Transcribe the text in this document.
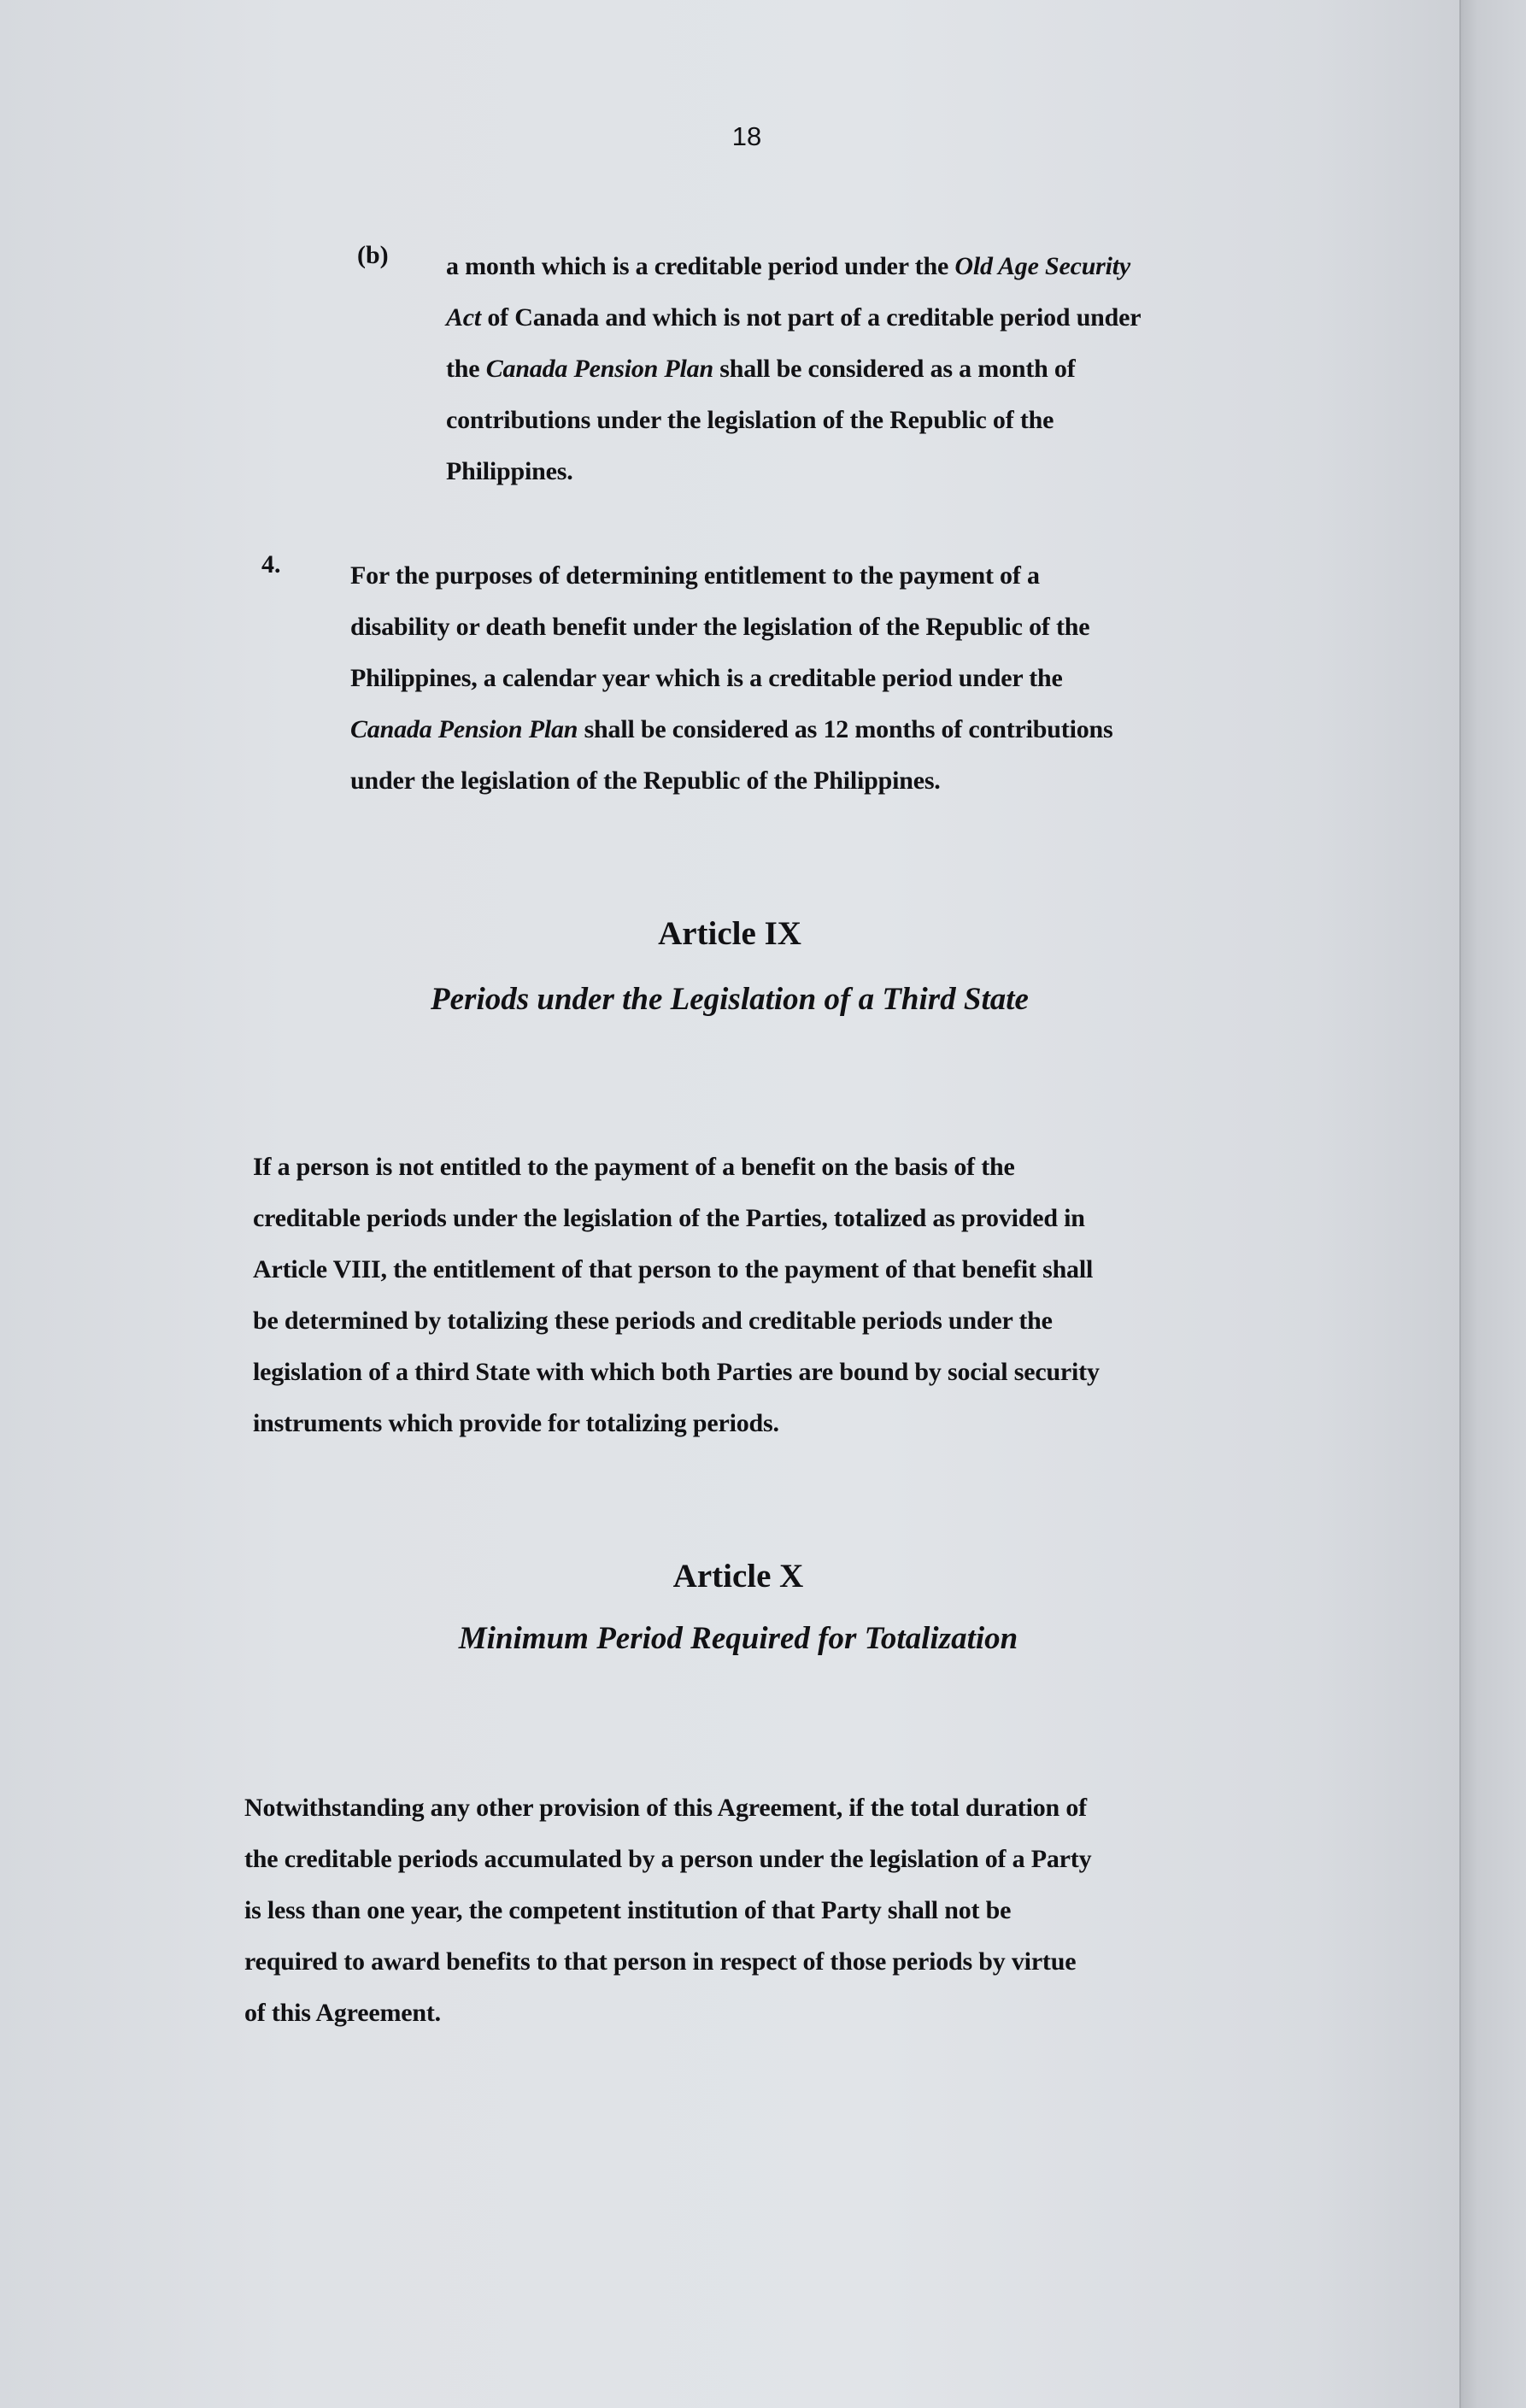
18
(b) a month which is a creditable period under the Old Age Security
Act of Canada and which is not part of a creditable period under
the Canada Pension Plan shall be considered as a month of
contributions under the legislation of the Republic of the
Philippines.
4.	For the purposes of determining entitlement to the payment of a
disability or death benefit under the legislation of the Republic of the
Philippines, a calendar year which is a creditable period under the
Canada Pension Plan shall be considered as 12 months of contributions
under the legislation of the Republic of the Philippines.
Article IX
Periods under the Legislation of a Third State
If a person is not entitled to the payment of a benefit on the basis of the
creditable periods under the legislation of the Parties, totalized as provided in
Article VIII, the entitlement of that person to the payment of that benefit shall
be determined by totalizing these periods and creditable periods under the
legislation of a third State with which both Parties are bound by social security
instruments which provide for totalizing periods.
Article X
Minimum Period Required for Totalization
Notwithstanding any other provision of this Agreement, if the total duration of
the creditable periods accumulated by a person under the legislation of a Party
is less than one year, the competent institution of that Party shall not be
required to award benefits to that person in respect of those periods by virtue
of this Agreement.
